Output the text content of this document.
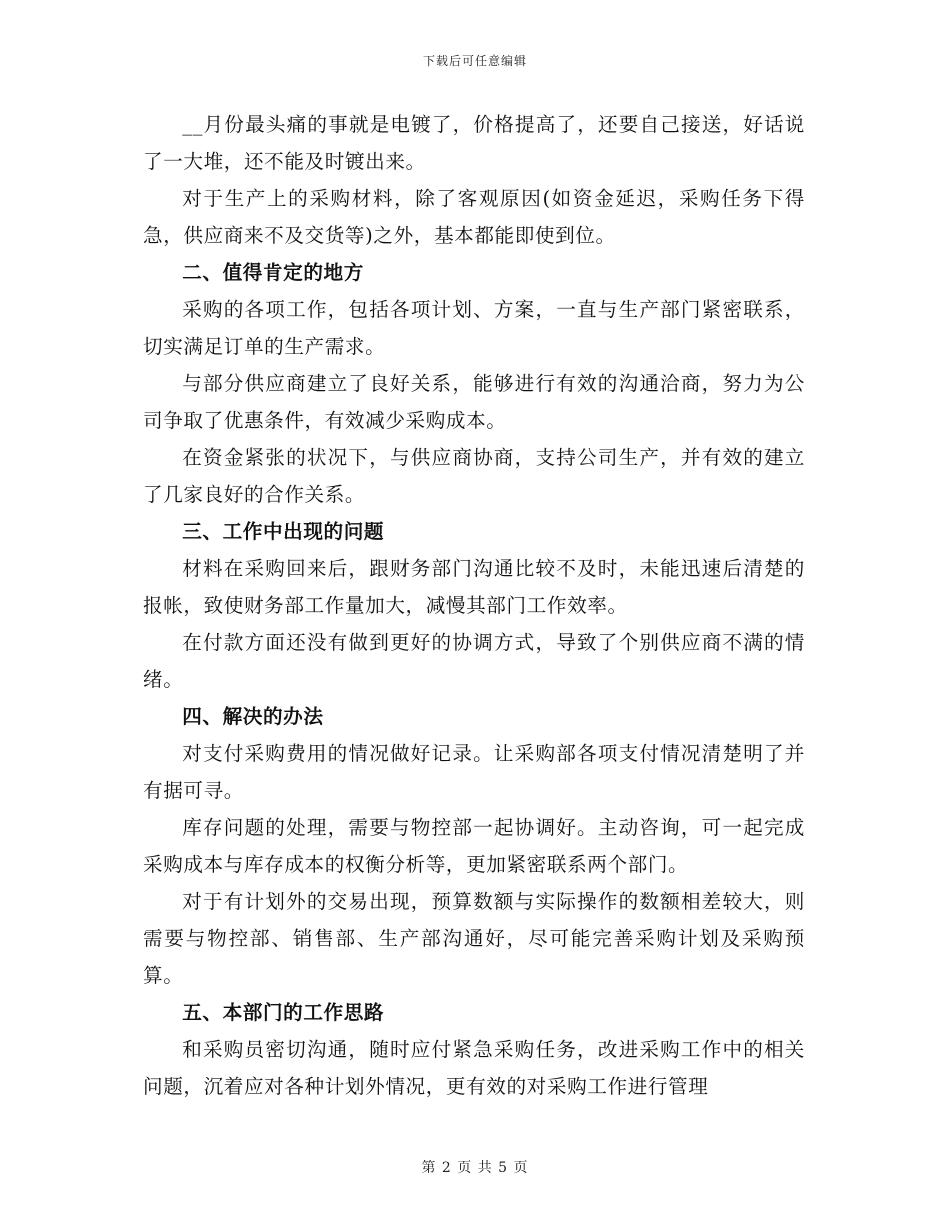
下载后可任意编辑

__月份最头痛的事就是电镀了，价格提高了，还要自己接送，好话说了一大堆，还不能及时镀出来。

对于生产上的采购材料，除了客观原因(如资金延迟，采购任务下得急，供应商来不及交货等)之外，基本都能即使到位。

二、值得肯定的地方

采购的各项工作，包括各项计划、方案，一直与生产部门紧密联系，切实满足订单的生产需求。

与部分供应商建立了良好关系，能够进行有效的沟通洽商，努力为公司争取了优惠条件，有效减少采购成本。

在资金紧张的状况下，与供应商协商，支持公司生产，并有效的建立了几家良好的合作关系。

三、工作中出现的问题

材料在采购回来后，跟财务部门沟通比较不及时，未能迅速后清楚的报帐，致使财务部工作量加大，减慢其部门工作效率。

在付款方面还没有做到更好的协调方式，导致了个别供应商不满的情绪。

四、解决的办法

对支付采购费用的情况做好记录。让采购部各项支付情况清楚明了并有据可寻。

库存问题的处理，需要与物控部一起协调好。主动咨询，可一起完成采购成本与库存成本的权衡分析等，更加紧密联系两个部门。

对于有计划外的交易出现，预算数额与实际操作的数额相差较大，则需要与物控部、销售部、生产部沟通好，尽可能完善采购计划及采购预算。

五、本部门的工作思路

和采购员密切沟通，随时应付紧急采购任务，改进采购工作中的相关问题，沉着应对各种计划外情况，更有效的对采购工作进行管理

第 2 页 共 5 页
